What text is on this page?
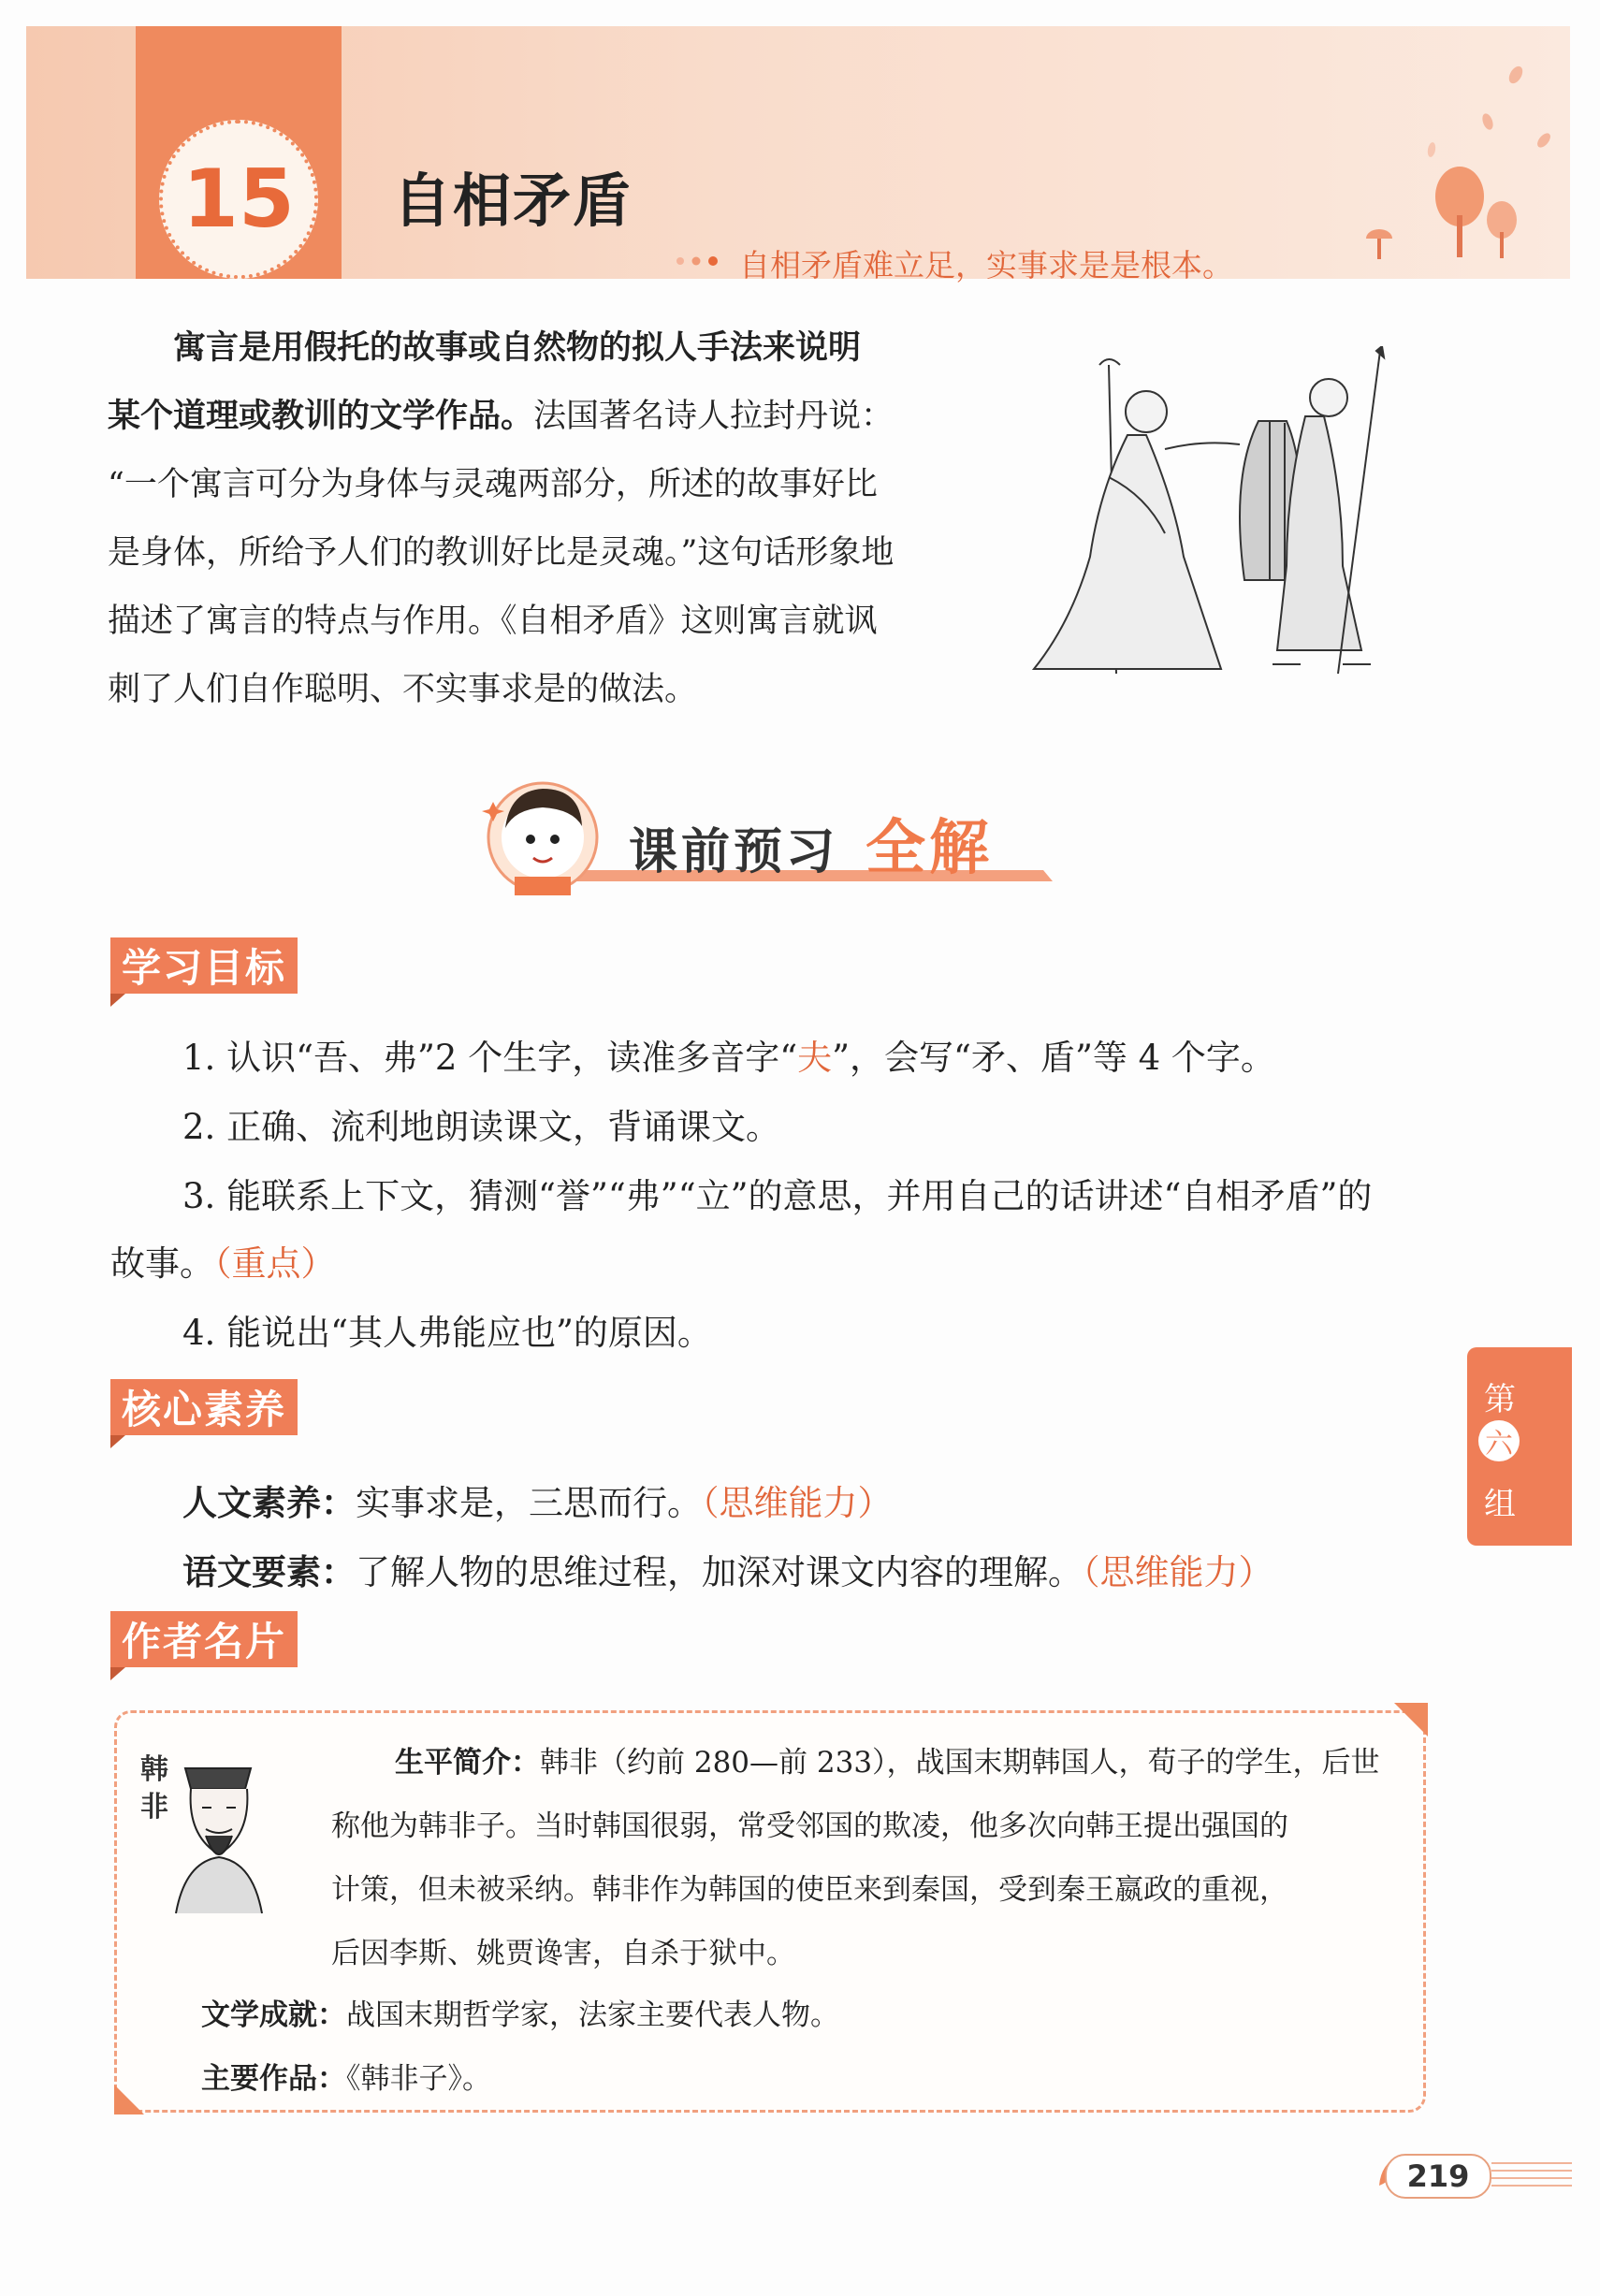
15 自相矛盾
自相矛盾难立足，实事求是是根本。
寓言是用假托的故事或自然物的拟人手法来说明
某个道理或教训的文学作品。法国著名诗人拉封丹说：
“一个寓言可分为身体与灵魂两部分，所述的故事好比
是身体，所给予人们的教训好比是灵魂。”这句话形象地
描述了寓言的特点与作用。《自相矛盾》这则寓言就讽
刺了人们自作聪明、不实事求是的做法。
课前预习 全解
学习目标
1. 认识“吾、弗”2 个生字，读准多音字“夫”，会写“矛、盾”等 4 个字。
2. 正确、流利地朗读课文，背诵课文。
3. 能联系上下文，猜测“誉”“弗”“立”的意思，并用自己的话讲述“自相矛盾”的
故事。（重点）
4. 能说出“其人弗能应也”的原因。
核心素养
人文素养：实事求是，三思而行。（思维能力）
语文要素：了解人物的思维过程，加深对课文内容的理解。（思维能力）
第
六
组
作者名片
韩非
生平简介：韩非（约前 280—前 233），战国末期韩国人，荀子的学生，后世
称他为韩非子。当时韩国很弱，常受邻国的欺凌，他多次向韩王提出强国的
计策，但未被采纳。韩非作为韩国的使臣来到秦国，受到秦王嬴政的重视，
后因李斯、姚贾谗害，自杀于狱中。
文学成就：战国末期哲学家，法家主要代表人物。
主要作品：《韩非子》。
219
